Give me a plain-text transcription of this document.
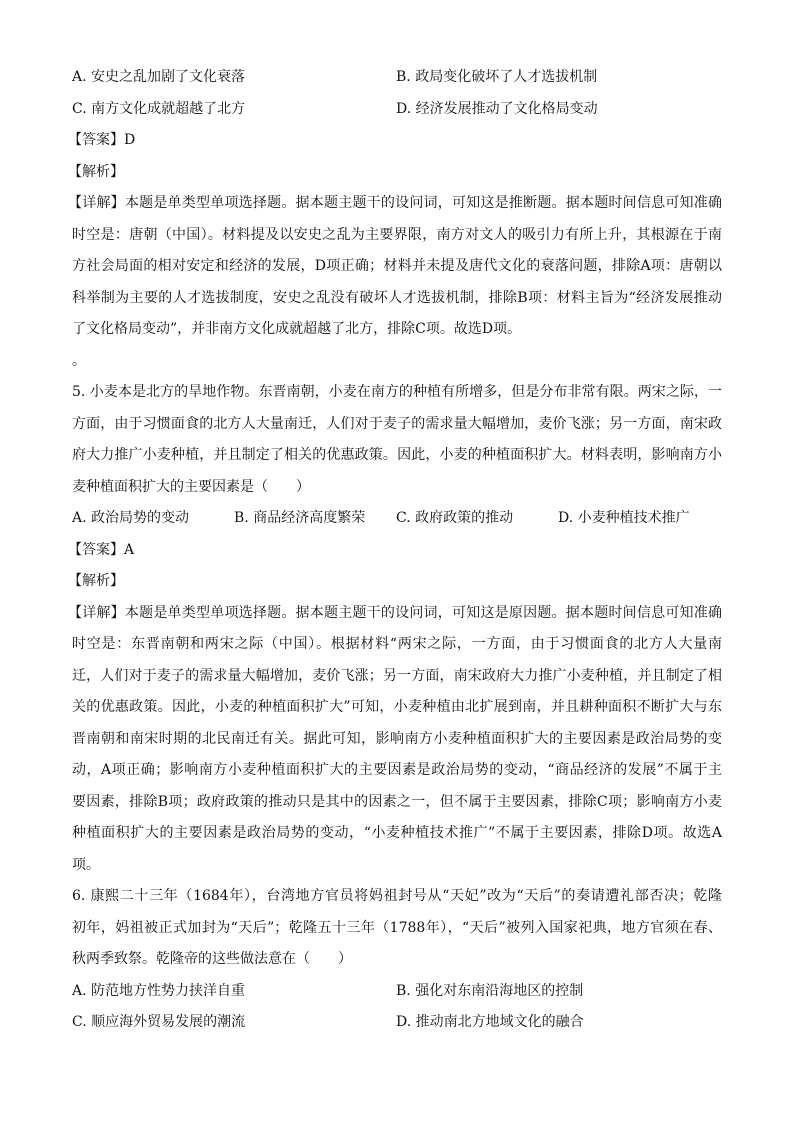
A. 安史之乱加剧了文化衰落	B. 政局变化破坏了人才选拔机制
C. 南方文化成就超越了北方	D. 经济发展推动了文化格局变动
【答案】D
【解析】
【详解】本题是单类型单项选择题。据本题主题干的设问词，可知这是推断题。据本题时间信息可知准确
时空是：唐朝（中国）。材料提及以安史之乱为主要界限，南方对文人的吸引力有所上升，其根源在于南
方社会局面的相对安定和经济的发展，D项正确；材料并未提及唐代文化的衰落问题，排除A项：唐朝以
科举制为主要的人才选拔制度，安史之乱没有破坏人才选拔机制，排除B项：材料主旨为“经济发展推动
了文化格局变动”，并非南方文化成就超越了北方，排除C项。故选D项。
。
5. 小麦本是北方的旱地作物。东晋南朝，小麦在南方的种植有所增多，但是分布非常有限。两宋之际，一
方面，由于习惯面食的北方人大量南迁，人们对于麦子的需求量大幅增加，麦价飞涨；另一方面，南宋政
府大力推广小麦种植，并且制定了相关的优惠政策。因此，小麦的种植面积扩大。材料表明，影响南方小
麦种植面积扩大的主要因素是（　　）
A. 政治局势的变动	B. 商品经济高度繁荣 C. 政府政策的推动	D. 小麦种植技术推广
【答案】A
【解析】
【详解】本题是单类型单项选择题。据本题主题干的设问词，可知这是原因题。据本题时间信息可知准确
时空是：东晋南朝和两宋之际（中国）。根据材料“两宋之际，一方面，由于习惯面食的北方人大量南
迁，人们对于麦子的需求量大幅增加，麦价飞涨；另一方面，南宋政府大力推广小麦种植，并且制定了相
关的优惠政策。因此，小麦的种植面积扩大”可知，小麦种植由北扩展到南，并且耕种面积不断扩大与东
晋南朝和南宋时期的北民南迁有关。据此可知，影响南方小麦种植面积扩大的主要因素是政治局势的变
动，A项正确；影响南方小麦种植面积扩大的主要因素是政治局势的变动，“商品经济的发展”不属于主
要因素，排除B项；政府政策的推动只是其中的因素之一，但不属于主要因素，排除C项；影响南方小麦
种植面积扩大的主要因素是政治局势的变动，“小麦种植技术推广”不属于主要因素，排除D项。故选A
项。
6. 康熙二十三年（1684年），台湾地方官员将妈祖封号从“天妃”改为“天后”的奏请遭礼部否决；乾隆
初年，妈祖被正式加封为“天后”；乾隆五十三年（1788年），“天后”被列入国家祀典，地方官须在春、
秋两季致祭。乾隆帝的这些做法意在（　　）
A. 防范地方性势力挟洋自重	B. 强化对东南沿海地区的控制
C. 顺应海外贸易发展的潮流	D. 推动南北方地域文化的融合
